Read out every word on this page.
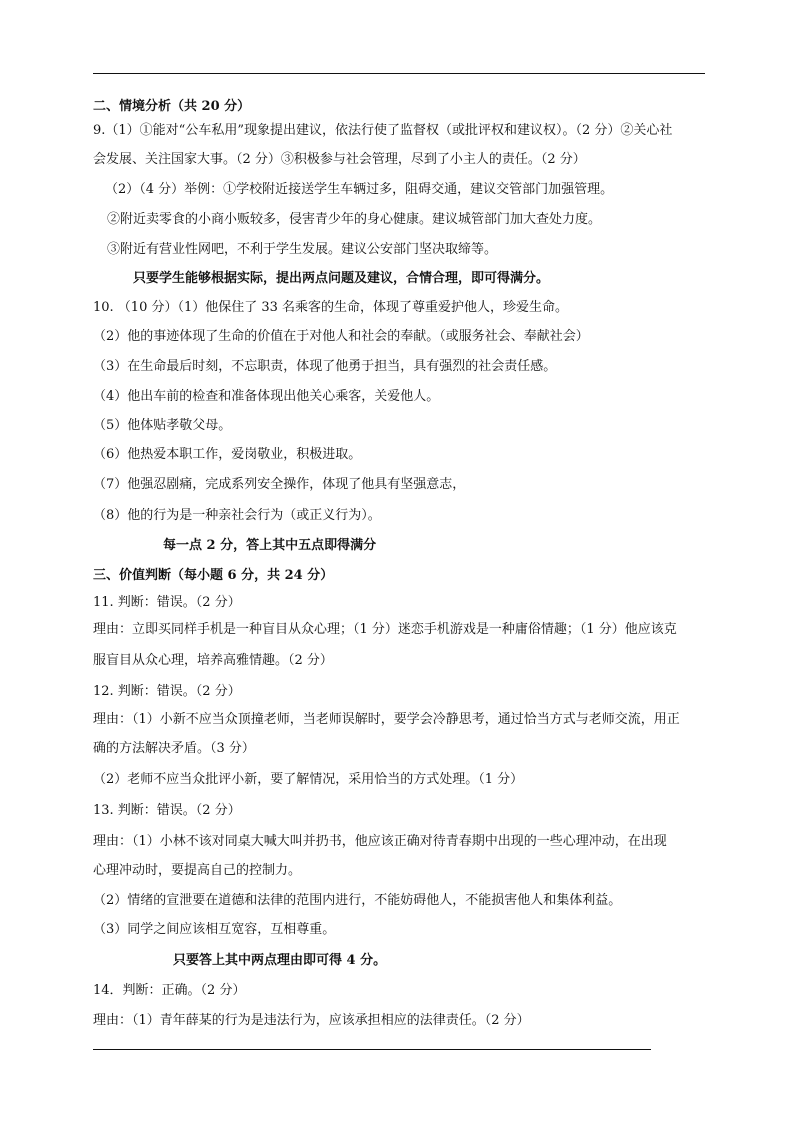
二、情境分析（共 20 分）
9.（1）①能对“公车私用”现象提出建议，依法行使了监督权（或批评权和建议权）。（2 分）②关心社
会发展、关注国家大事。（2 分）③积极参与社会管理，尽到了小主人的责任。（2 分）
（2）（4 分）举例：①学校附近接送学生车辆过多，阻碍交通，建议交管部门加强管理。
②附近卖零食的小商小贩较多，侵害青少年的身心健康。建议城管部门加大查处力度。
③附近有营业性网吧，不利于学生发展。建议公安部门坚决取缔等。
只要学生能够根据实际，提出两点问题及建议，合情合理，即可得满分。
10. （10 分）（1）他保住了 33 名乘客的生命，体现了尊重爱护他人，珍爱生命。
（2）他的事迹体现了生命的价值在于对他人和社会的奉献。（或服务社会、奉献社会）
（3）在生命最后时刻，不忘职责，体现了他勇于担当，具有强烈的社会责任感。
（4）他出车前的检查和准备体现出他关心乘客，关爱他人。
（5）他体贴孝敬父母。
（6）他热爱本职工作，爱岗敬业，积极进取。
（7）他强忍剧痛，完成系列安全操作，体现了他具有坚强意志，
（8）他的行为是一种亲社会行为（或正义行为）。
每一点 2 分，答上其中五点即得满分
三、价值判断（每小题 6 分，共 24 分）
11. 判断：错误。（2 分）
理由：立即买同样手机是一种盲目从众心理；（1 分）迷恋手机游戏是一种庸俗情趣；（1 分）他应该克
服盲目从众心理，培养高雅情趣。（2 分）
12. 判断：错误。（2 分）
理由：（1）小新不应当众顶撞老师，当老师误解时，要学会冷静思考，通过恰当方式与老师交流，用正
确的方法解决矛盾。（3 分）
（2）老师不应当众批评小新，要了解情况，采用恰当的方式处理。（1 分）
13. 判断：错误。（2 分）
理由：（1）小林不该对同桌大喊大叫并扔书，他应该正确对待青春期中出现的一些心理冲动，在出现
心理冲动时，要提高自己的控制力。
（2）情绪的宣泄要在道德和法律的范围内进行，不能妨碍他人，不能损害他人和集体利益。
（3）同学之间应该相互宽容，互相尊重。
只要答上其中两点理由即可得 4 分。
14．判断：正确。（2 分）
理由：（1）青年薛某的行为是违法行为，应该承担相应的法律责任。（2 分）
